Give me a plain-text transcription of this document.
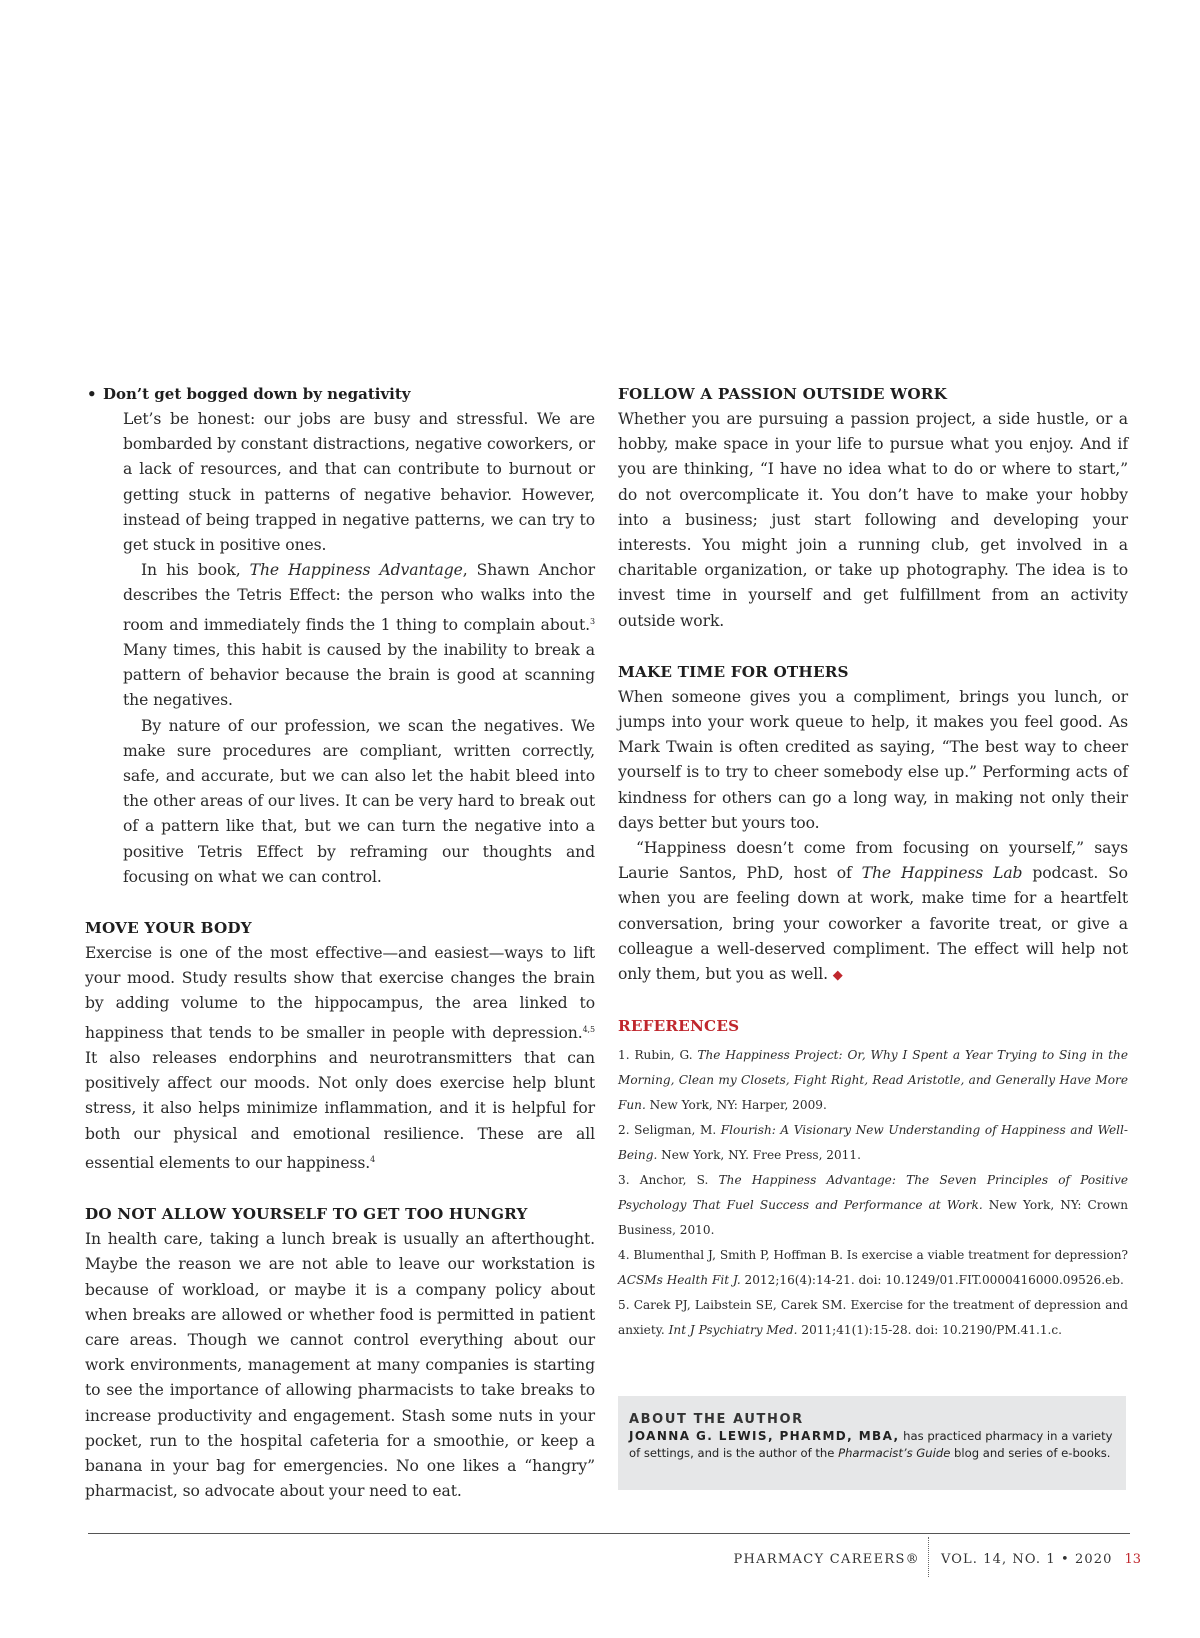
• Don’t get bogged down by negativity

Let’s be honest: our jobs are busy and stressful. We are bombarded by constant distractions, negative coworkers, or a lack of resources, and that can contribute to burnout or getting stuck in patterns of negative behavior. However, instead of being trapped in negative patterns, we can try to get stuck in positive ones.

In his book, The Happiness Advantage, Shawn Anchor describes the Tetris Effect: the person who walks into the room and immediately finds the 1 thing to complain about.$^3$ Many times, this habit is caused by the inability to break a pattern of behavior because the brain is good at scanning the negatives.

By nature of our profession, we scan the negatives. We make sure procedures are compliant, written correctly, safe, and accurate, but we can also let the habit bleed into the other areas of our lives. It can be very hard to break out of a pattern like that, but we can turn the negative into a positive Tetris Effect by reframing our thoughts and focusing on what we can control.

MOVE YOUR BODY

Exercise is one of the most effective—and easiest—ways to lift your mood. Study results show that exercise changes the brain by adding volume to the hippocampus, the area linked to happiness that tends to be smaller in people with depression.$^{4,5}$ It also releases endorphins and neurotransmitters that can positively affect our moods. Not only does exercise help blunt stress, it also helps minimize inflammation, and it is helpful for both our physical and emotional resilience. These are all essential elements to our happiness.$^4$

DO NOT ALLOW YOURSELF TO GET TOO HUNGRY

In health care, taking a lunch break is usually an afterthought. Maybe the reason we are not able to leave our workstation is because of workload, or maybe it is a company policy about when breaks are allowed or whether food is permitted in patient care areas. Though we cannot control everything about our work environments, management at many companies is starting to see the importance of allowing pharmacists to take breaks to increase productivity and engagement. Stash some nuts in your pocket, run to the hospital cafeteria for a smoothie, or keep a banana in your bag for emergencies. No one likes a “hangry” pharmacist, so advocate about your need to eat.

FOLLOW A PASSION OUTSIDE WORK

Whether you are pursuing a passion project, a side hustle, or a hobby, make space in your life to pursue what you enjoy. And if you are thinking, “I have no idea what to do or where to start,” do not overcomplicate it. You don’t have to make your hobby into a business; just start following and developing your interests. You might join a running club, get involved in a charitable organization, or take up photography. The idea is to invest time in yourself and get fulfillment from an activity outside work.

MAKE TIME FOR OTHERS

When someone gives you a compliment, brings you lunch, or jumps into your work queue to help, it makes you feel good. As Mark Twain is often credited as saying, “The best way to cheer yourself is to try to cheer somebody else up.” Performing acts of kindness for others can go a long way, in making not only their days better but yours too.

“Happiness doesn’t come from focusing on yourself,” says Laurie Santos, PhD, host of The Happiness Lab podcast. So when you are feeling down at work, make time for a heartfelt conversation, bring your coworker a favorite treat, or give a colleague a well-deserved compliment. The effect will help not only them, but you as well. ◆

REFERENCES
1. Rubin, G. The Happiness Project: Or, Why I Spent a Year Trying to Sing in the Morning, Clean my Closets, Fight Right, Read Aristotle, and Generally Have More Fun. New York, NY: Harper, 2009.
2. Seligman, M. Flourish: A Visionary New Understanding of Happiness and Well-Being. New York, NY. Free Press, 2011.
3. Anchor, S. The Happiness Advantage: The Seven Principles of Positive Psychology That Fuel Success and Performance at Work. New York, NY: Crown Business, 2010.
4. Blumenthal J, Smith P, Hoffman B. Is exercise a viable treatment for depression? ACSMs Health Fit J. 2012;16(4):14-21. doi: 10.1249/01.FIT.0000416000.09526.eb.
5. Carek PJ, Laibstein SE, Carek SM. Exercise for the treatment of depression and anxiety. Int J Psychiatry Med. 2011;41(1):15-28. doi: 10.2190/PM.41.1.c.
ABOUT THE AUTHOR
JOANNA G. LEWIS, PHARMD, MBA, has practiced pharmacy in a variety of settings, and is the author of the Pharmacist’s Guide blog and series of e-books.
PHARMACY CAREERS® VOL. 14, NO. 1 • 2020 13
